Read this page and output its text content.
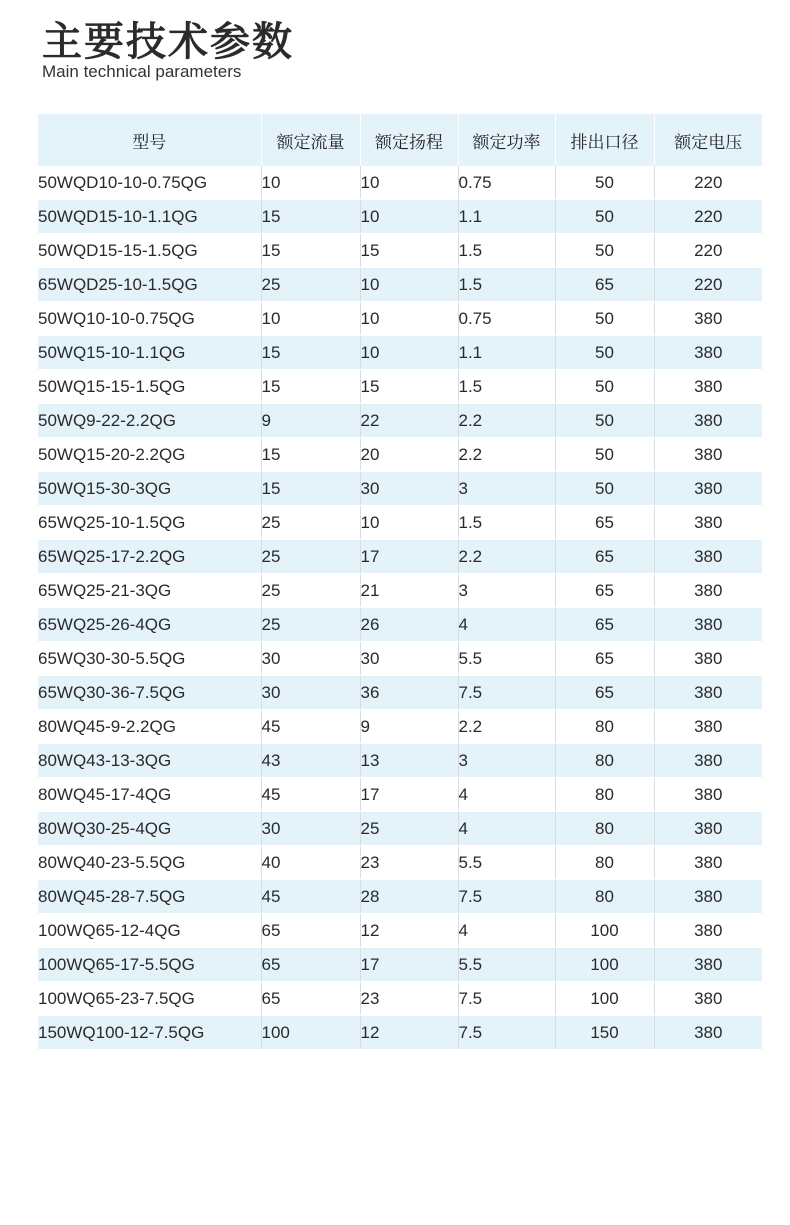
主要技术参数
Main technical parameters
型号	额定流量	额定扬程	额定功率	排出口径	额定电压
50WQD10-10-0.75QG	10	10	0.75	50	220
50WQD15-10-1.1QG	15	10	1.1	50	220
50WQD15-15-1.5QG	15	15	1.5	50	220
65WQD25-10-1.5QG	25	10	1.5	65	220
50WQ10-10-0.75QG	10	10	0.75	50	380
50WQ15-10-1.1QG	15	10	1.1	50	380
50WQ15-15-1.5QG	15	15	1.5	50	380
50WQ9-22-2.2QG	9	22	2.2	50	380
50WQ15-20-2.2QG	15	20	2.2	50	380
50WQ15-30-3QG	15	30	3	50	380
65WQ25-10-1.5QG	25	10	1.5	65	380
65WQ25-17-2.2QG	25	17	2.2	65	380
65WQ25-21-3QG	25	21	3	65	380
65WQ25-26-4QG	25	26	4	65	380
65WQ30-30-5.5QG	30	30	5.5	65	380
65WQ30-36-7.5QG	30	36	7.5	65	380
80WQ45-9-2.2QG	45	9	2.2	80	380
80WQ43-13-3QG	43	13	3	80	380
80WQ45-17-4QG	45	17	4	80	380
80WQ30-25-4QG	30	25	4	80	380
80WQ40-23-5.5QG	40	23	5.5	80	380
80WQ45-28-7.5QG	45	28	7.5	80	380
100WQ65-12-4QG	65	12	4	100	380
100WQ65-17-5.5QG	65	17	5.5	100	380
100WQ65-23-7.5QG	65	23	7.5	100	380
150WQ100-12-7.5QG	100	12	7.5	150	380
